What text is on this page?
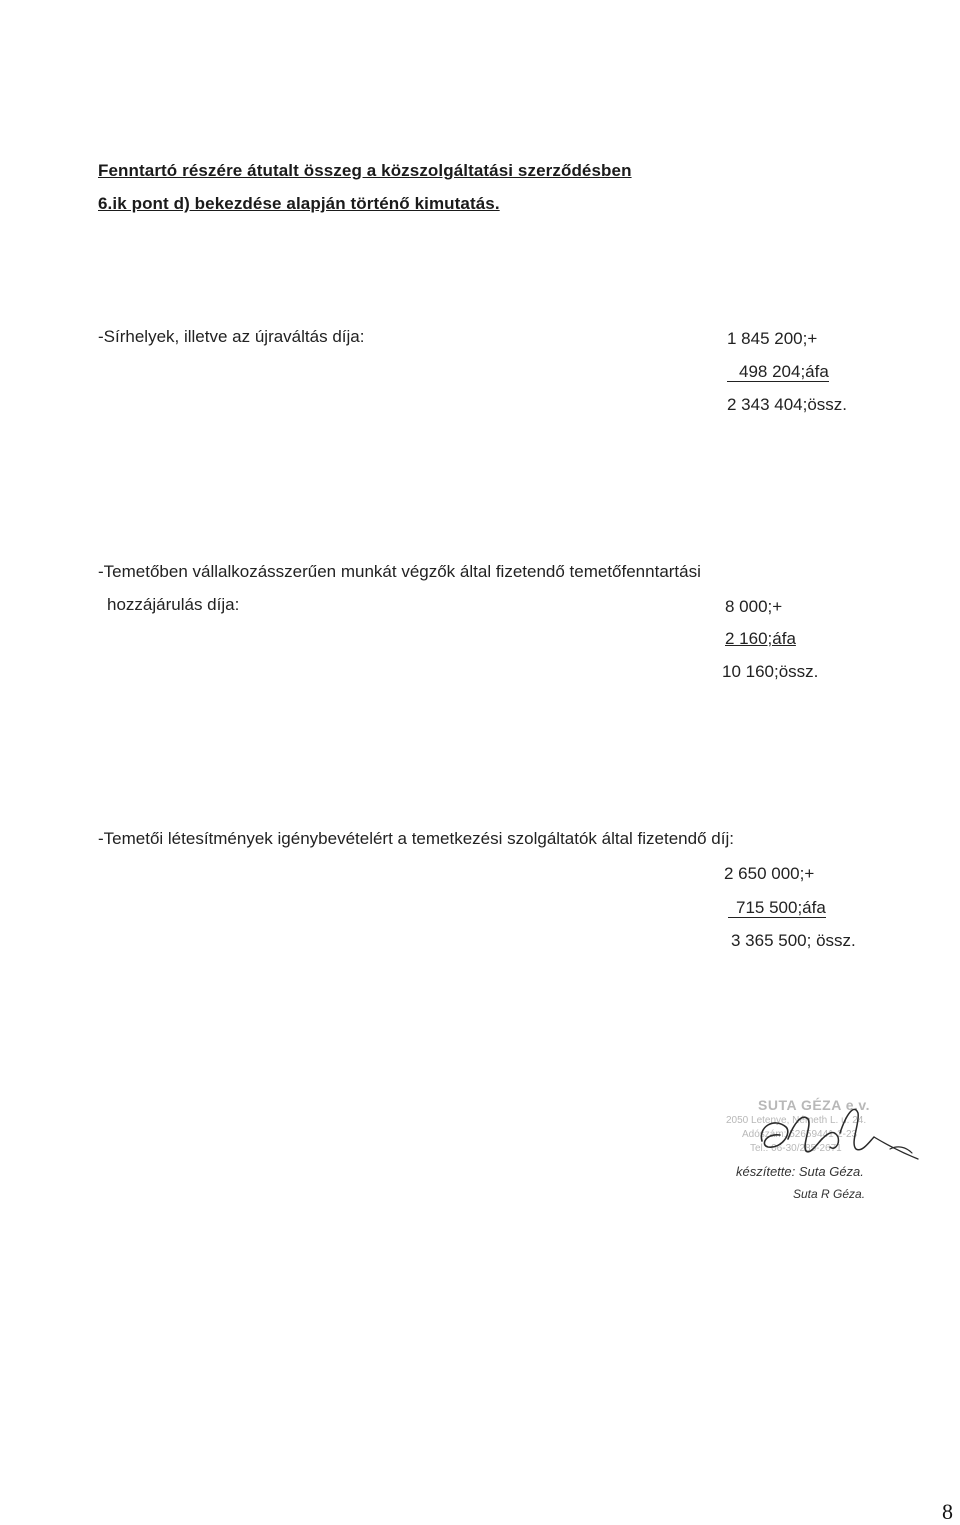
Fenntartó részére átutalt összeg a közszolgáltatási szerződésben
6.ik pont d) bekezdése alapján történő kimutatás.
-Sírhelyek, illetve az újraváltás díja:	1 845 200;+
498 204;áfa
2 343 404;össz.
-Temetőben vállalkozásszerűen munkát végzők által fizetendő temetőfenntartási
hozzájárulás díja:	8 000;+
2 160;áfa
10 160;össz.
-Temetői létesítmények igénybevételért a temetkezési szolgáltatók által fizetendő díj:
2 650 000;+
715 500;áfa
3 365 500; össz.
SUTA GÉZA e.v.
2050 Letenye, Németh L. u. 24.
Adószám: 52659441-2-23
Tel.: 06-30/285-2671
készítette: Suta Géza.
Suta R Géza.
8
